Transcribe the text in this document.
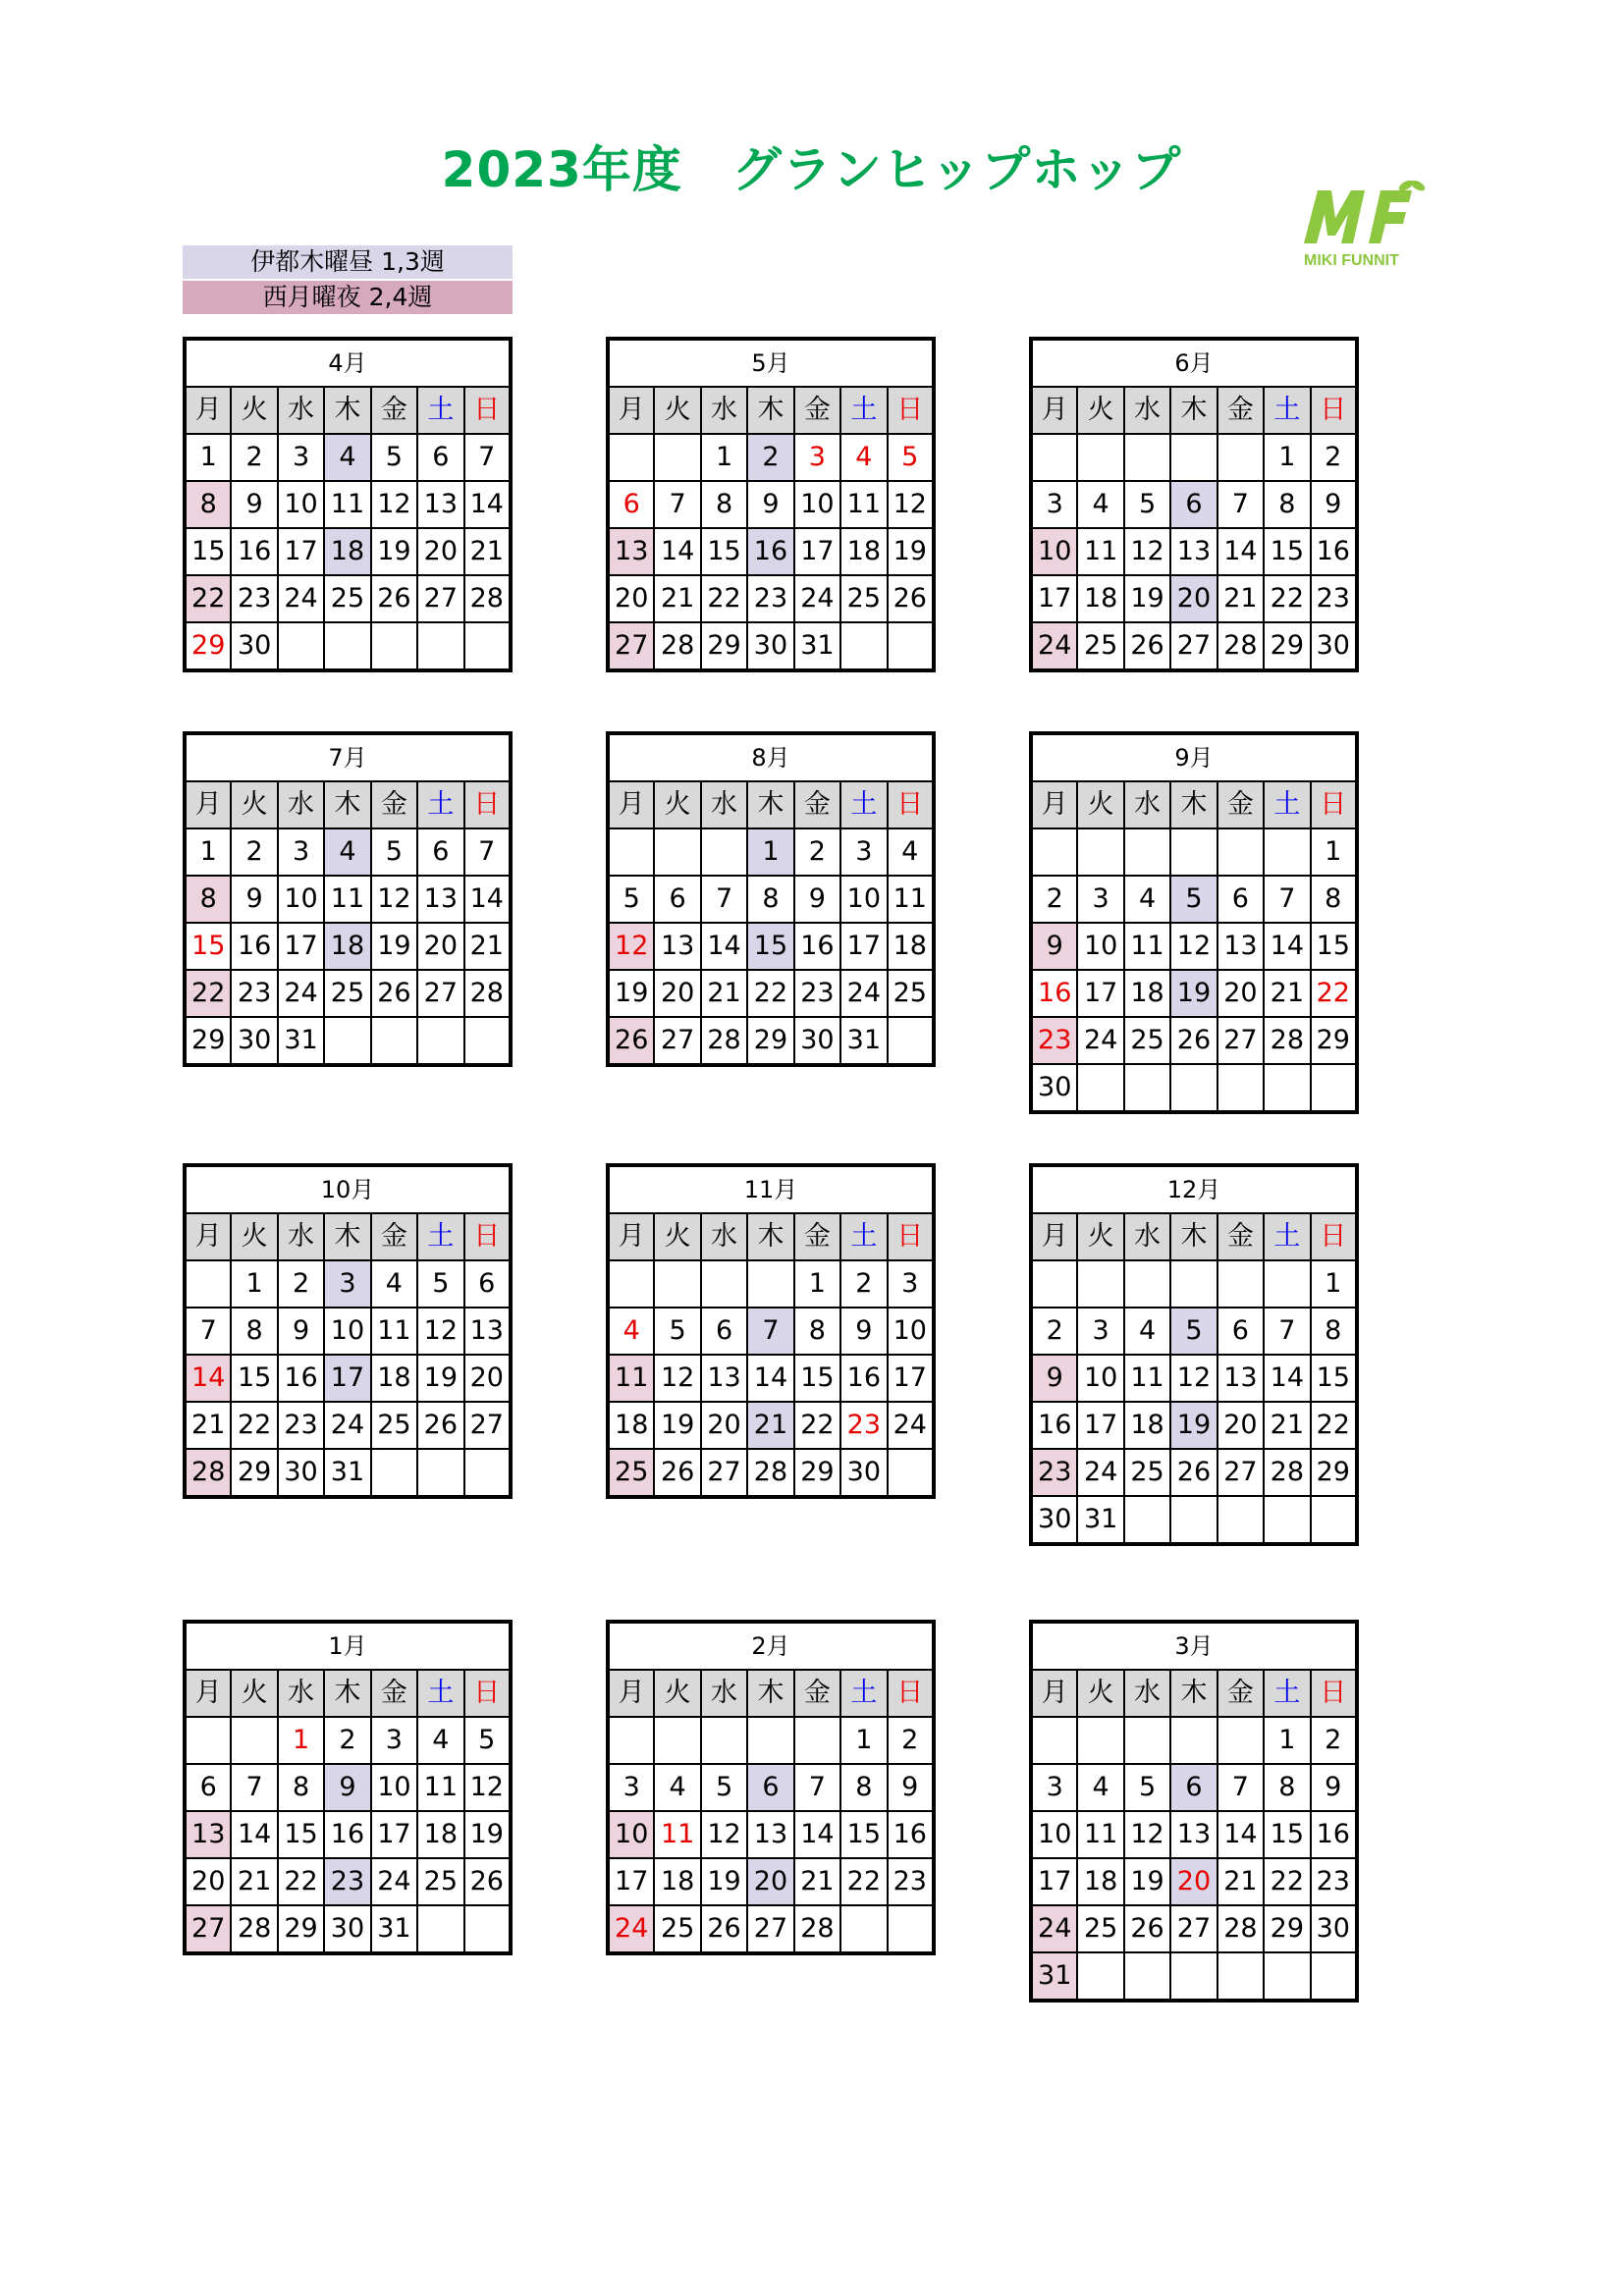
2023年度　グランヒップホップ
MIKI FUNNIT
伊都木曜昼 1,3週
西月曜夜 2,4週
4月						
月	火	水	木	金	土	日
1	2	3	4	5	6	7
8	9	10	11	12	13	14
15	16	17	18	19	20	21
22	23	24	25	26	27	28
29	30					
5月						
月	火	水	木	金	土	日
		1	2	3	4	5
6	7	8	9	10	11	12
13	14	15	16	17	18	19
20	21	22	23	24	25	26
27	28	29	30	31		
6月						
月	火	水	木	金	土	日
					1	2
3	4	5	6	7	8	9
10	11	12	13	14	15	16
17	18	19	20	21	22	23
24	25	26	27	28	29	30
7月						
月	火	水	木	金	土	日
1	2	3	4	5	6	7
8	9	10	11	12	13	14
15	16	17	18	19	20	21
22	23	24	25	26	27	28
29	30	31				
8月						
月	火	水	木	金	土	日
			1	2	3	4
5	6	7	8	9	10	11
12	13	14	15	16	17	18
19	20	21	22	23	24	25
26	27	28	29	30	31	
9月						
月	火	水	木	金	土	日
						1
2	3	4	5	6	7	8
9	10	11	12	13	14	15
16	17	18	19	20	21	22
23	24	25	26	27	28	29
30						
10月						
月	火	水	木	金	土	日
	1	2	3	4	5	6
7	8	9	10	11	12	13
14	15	16	17	18	19	20
21	22	23	24	25	26	27
28	29	30	31			
11月						
月	火	水	木	金	土	日
				1	2	3
4	5	6	7	8	9	10
11	12	13	14	15	16	17
18	19	20	21	22	23	24
25	26	27	28	29	30	
12月						
月	火	水	木	金	土	日
						1
2	3	4	5	6	7	8
9	10	11	12	13	14	15
16	17	18	19	20	21	22
23	24	25	26	27	28	29
30	31					
1月						
月	火	水	木	金	土	日
		1	2	3	4	5
6	7	8	9	10	11	12
13	14	15	16	17	18	19
20	21	22	23	24	25	26
27	28	29	30	31		
2月						
月	火	水	木	金	土	日
					1	2
3	4	5	6	7	8	9
10	11	12	13	14	15	16
17	18	19	20	21	22	23
24	25	26	27	28		
3月						
月	火	水	木	金	土	日
					1	2
3	4	5	6	7	8	9
10	11	12	13	14	15	16
17	18	19	20	21	22	23
24	25	26	27	28	29	30
31						
